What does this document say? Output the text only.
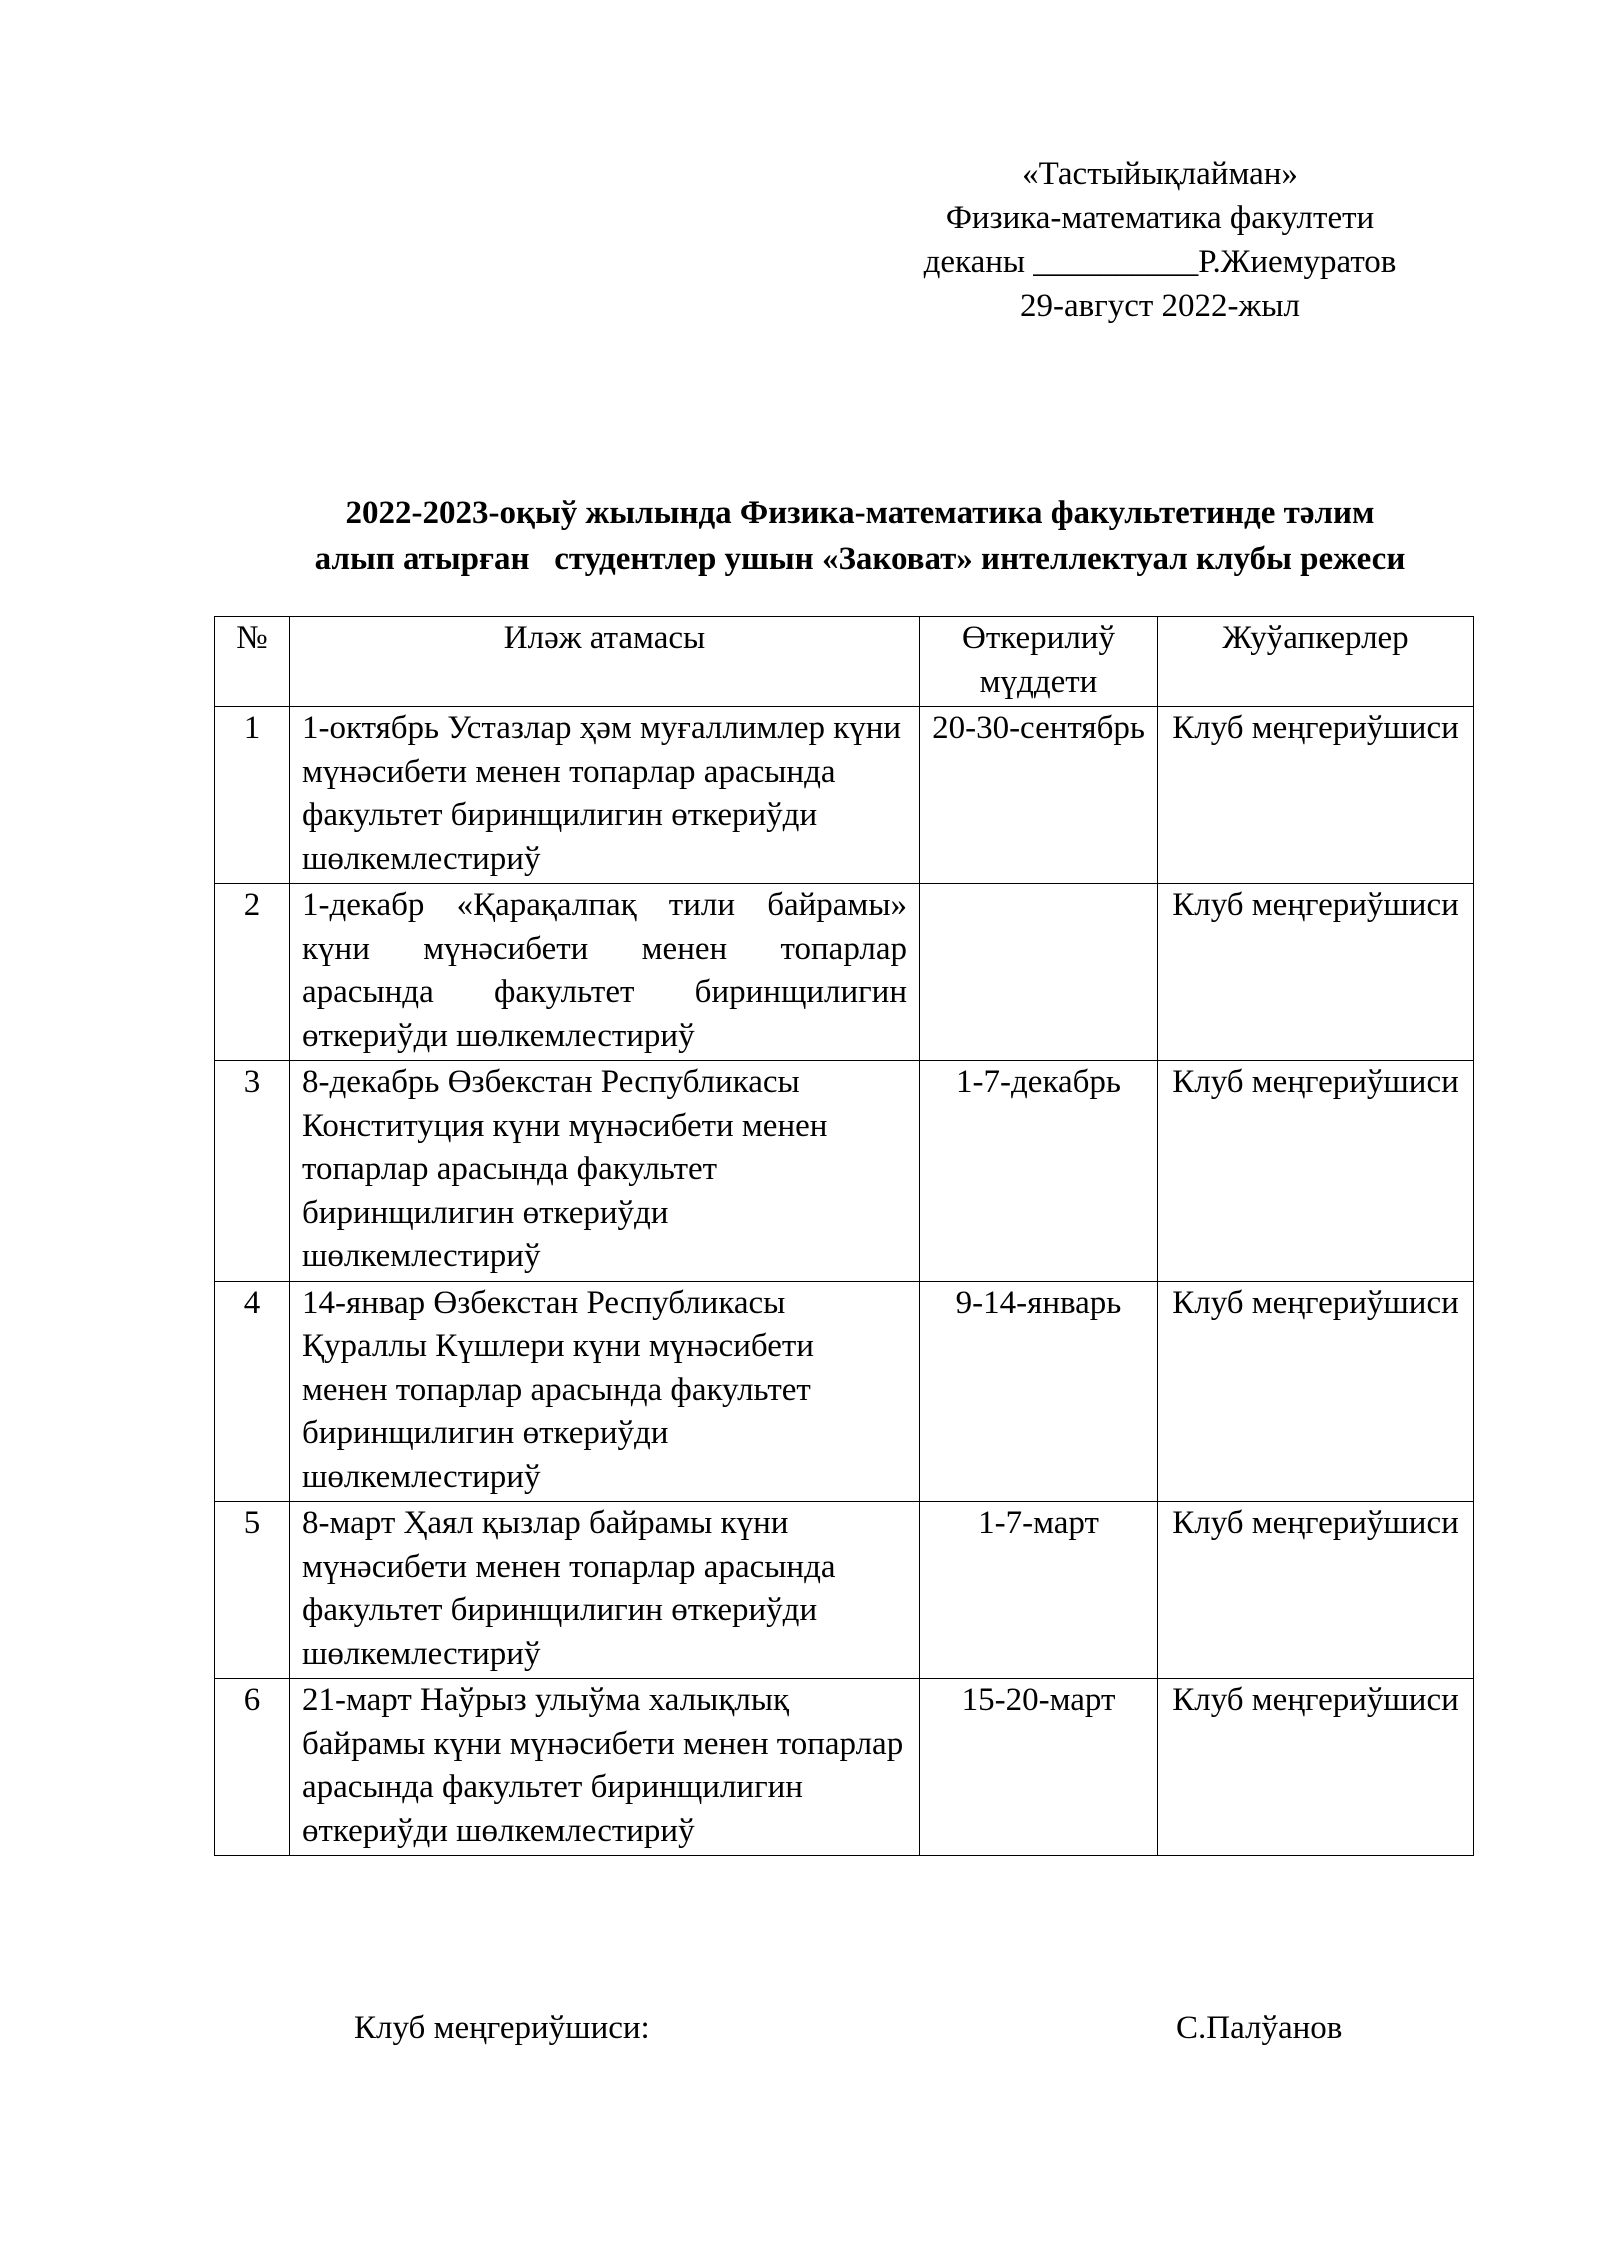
«Тастыйықлайман»
Физика-математика факултети
деканы __________Р.Жиемуратов
29-август 2022-жыл
2022-2023-оқыў жылында Физика-математика факультетинде тәлим
алып атырған   студентлер ушын «Заковат» интеллектуал клубы режеси
№	Иләж атамасы	Өткерилиў мүддети	Жуўапкерлер
1	1-октябрь Устазлар ҳәм муғаллимлер күни мүнәсибети менен топарлар арасында факультет биринщилигин өткериўди шөлкемлестириў	20-30-сентябрь	Клуб меңгериўшиси
2	1-декабр «Қарақалпақ тили байрамы» күни мүнәсибети менен топарлар арасында факультет биринщилигин өткериўди шөлкемлестириў		Клуб меңгериўшиси
3	8-декабрь Өзбекстан Республикасы Конституция күни мүнәсибети менен топарлар арасында факультет биринщилигин өткериўди шөлкемлестириў	1-7-декабрь	Клуб меңгериўшиси
4	14-январ Өзбекстан Республикасы Қураллы Күшлери күни мүнәсибети менен топарлар арасында факультет биринщилигин өткериўди шөлкемлестириў	9-14-январь	Клуб меңгериўшиси
5	8-март Ҳаял қызлар байрамы күни мүнәсибети менен топарлар арасында факультет биринщилигин өткериўди шөлкемлестириў	1-7-март	Клуб меңгериўшиси
6	21-март Наўрыз улыўма халықлық байрамы күни мүнәсибети менен топарлар арасында факультет биринщилигин өткериўди шөлкемлестириў	15-20-март	Клуб меңгериўшиси
Клуб меңгериўшиси:	С.Палўанов
